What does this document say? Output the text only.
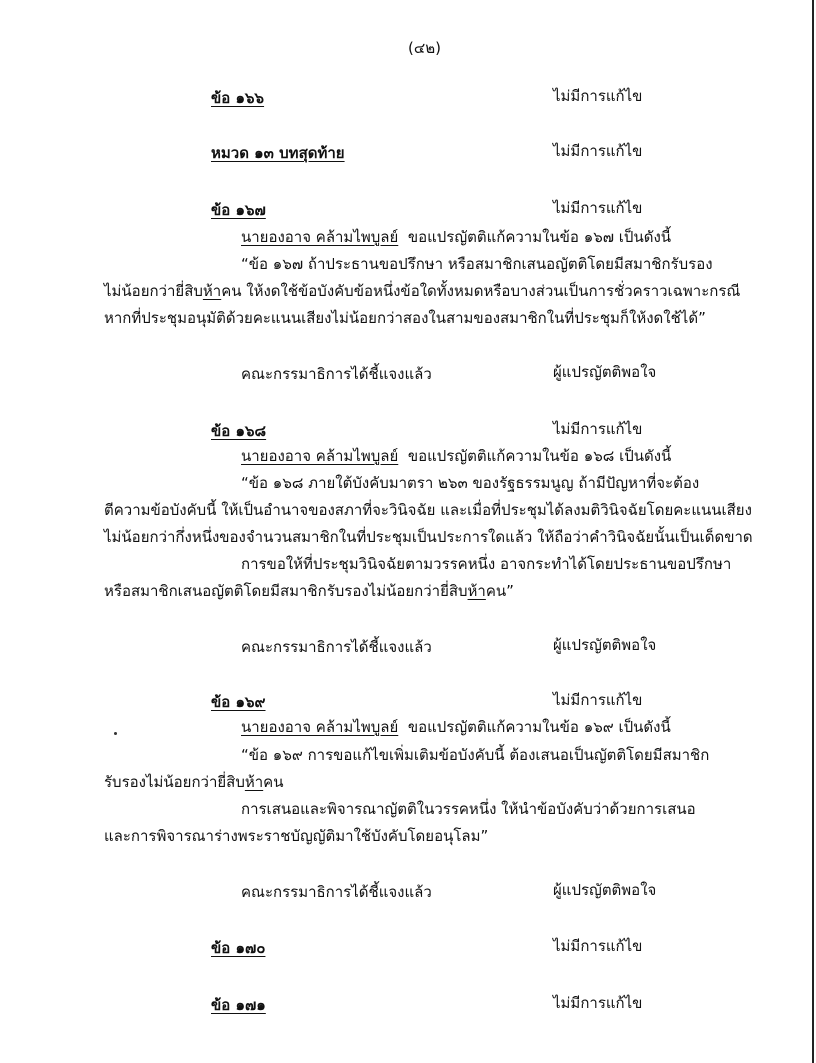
(๔๒)
ข้อ ๑๖๖	ไม่มีการแก้ไข
หมวด ๑๓ บทสุดท้าย	ไม่มีการแก้ไข
ข้อ ๑๖๗	ไม่มีการแก้ไข
นายองอาจ คล้ามไพบูลย์ ขอแปรญัตติแก้ความในข้อ ๑๖๗ เป็นดังนี้
“ข้อ ๑๖๗ ถ้าประธานขอปรึกษา หรือสมาชิกเสนอญัตติโดยมีสมาชิกรับรอง
ไม่น้อยกว่ายี่สิบห้าคน ให้งดใช้ข้อบังคับข้อหนึ่งข้อใดทั้งหมดหรือบางส่วนเป็นการชั่วคราวเฉพาะกรณี
หากที่ประชุมอนุมัติด้วยคะแนนเสียงไม่น้อยกว่าสองในสามของสมาชิกในที่ประชุมก็ให้งดใช้ได้”
คณะกรรมาธิการได้ชี้แจงแล้ว	ผู้แปรญัตติพอใจ
ข้อ ๑๖๘	ไม่มีการแก้ไข
นายองอาจ คล้ามไพบูลย์ ขอแปรญัตติแก้ความในข้อ ๑๖๘ เป็นดังนี้
“ข้อ ๑๖๘ ภายใต้บังคับมาตรา ๒๖๓ ของรัฐธรรมนูญ ถ้ามีปัญหาที่จะต้อง
ตีความข้อบังคับนี้ ให้เป็นอำนาจของสภาที่จะวินิจฉัย และเมื่อที่ประชุมได้ลงมติวินิจฉัยโดยคะแนนเสียง
ไม่น้อยกว่ากึ่งหนึ่งของจำนวนสมาชิกในที่ประชุมเป็นประการใดแล้ว ให้ถือว่าคำวินิจฉัยนั้นเป็นเด็ดขาด
การขอให้ที่ประชุมวินิจฉัยตามวรรคหนึ่ง อาจกระทำได้โดยประธานขอปรึกษา
หรือสมาชิกเสนอญัตติโดยมีสมาชิกรับรองไม่น้อยกว่ายี่สิบห้าคน”
คณะกรรมาธิการได้ชี้แจงแล้ว	ผู้แปรญัตติพอใจ
ข้อ ๑๖๙	ไม่มีการแก้ไข
นายองอาจ คล้ามไพบูลย์ ขอแปรญัตติแก้ความในข้อ ๑๖๙ เป็นดังนี้
“ข้อ ๑๖๙ การขอแก้ไขเพิ่มเติมข้อบังคับนี้ ต้องเสนอเป็นญัตติโดยมีสมาชิก
รับรองไม่น้อยกว่ายี่สิบห้าคน
การเสนอและพิจารณาญัตติในวรรคหนึ่ง ให้นำข้อบังคับว่าด้วยการเสนอ
และการพิจารณาร่างพระราชบัญญัติมาใช้บังคับโดยอนุโลม”
คณะกรรมาธิการได้ชี้แจงแล้ว	ผู้แปรญัตติพอใจ
ข้อ ๑๗๐	ไม่มีการแก้ไข
ข้อ ๑๗๑	ไม่มีการแก้ไข
